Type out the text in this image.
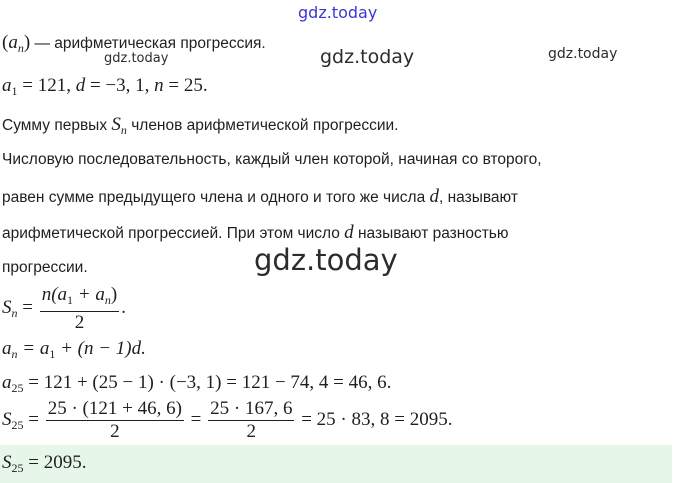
gdz.today
gdz.today	gdz.today	gdz.today
gdz.today
$(a_n)$ — арифметическая прогрессия.
$a_1 = 121$, d = −3, 1, n = 25.
Сумму первых $S_n$ членов арифметической прогрессии.
Числовую последовательность, каждый член которой, начиная со второго,
равен сумме предыдущего члена и одного и того же числа d, называют
арифметической прогрессией. При этом число d называют разностью
прогрессии.
$S_n = \frac{n(a_1 + a_n)}{2}$ .
$a_n = a_1 + (n - 1)d$.
$a_{25} = 121 + (25 - 1) \cdot (-3$, 1) = 121 − 74, 4 = 46, 6.
$S_{25} = \frac{25 \cdot (121 + 46, 6)}{2} = \frac{25 \cdot 167, 6}{2} = 25 \cdot 83$, 8 = 2095.
$S_{25} = 2095$.
